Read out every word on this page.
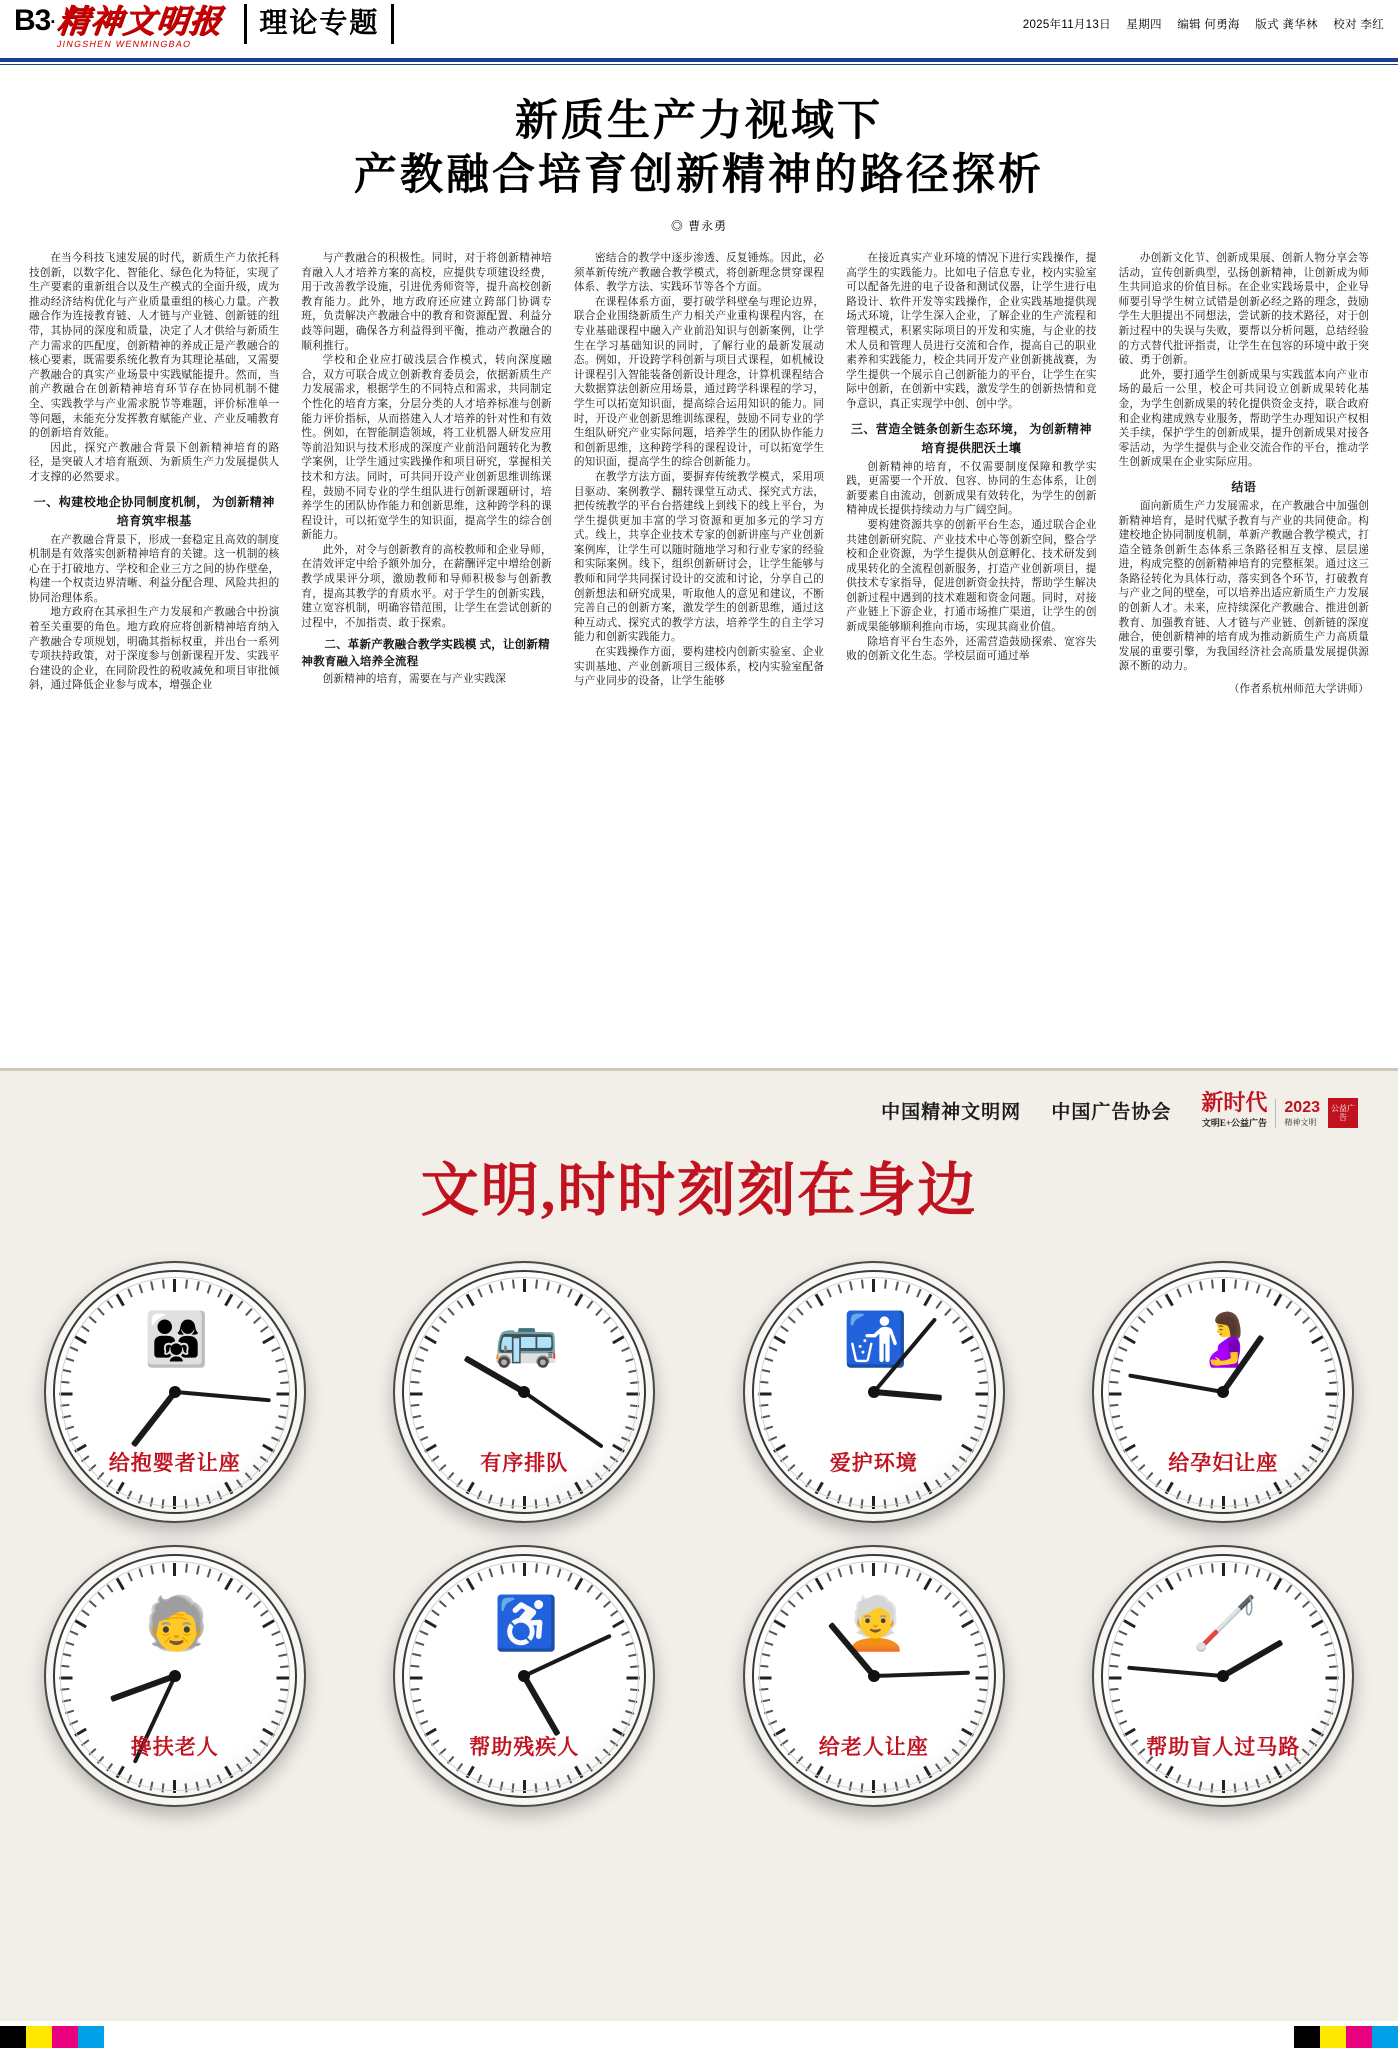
B3· 精神文明报
JINGSHEN WENMINGBAO
理论专题	2025年11月13日 星期四 编辑 何勇海 版式 龚华林 校对 李红
新质生产力视域下
产教融合培育创新精神的路径探析
◎ 曹永勇

在当今科技飞速发展的时代，新质生产力依托科技创新，以数字化、智能化、绿色化为特征，实现了生产要素的重新组合以及生产模式的全面升级，成为推动经济结构优化与产业质量重组的核心力量。产教融合作为连接教育链、人才链与产业链、创新链的纽带，其协同的深度和质量，决定了人才供给与新质生产力需求的匹配度，创新精神的养成正是产教融合的核心要素，既需要系统化教育为其理论基础，又需要产教融合的真实产业场景中实践赋能提升。然而，当前产教融合在创新精神培育环节存在协同机制不健全、实践教学与产业需求脱节等难题，评价标准单一等问题，未能充分发挥教育赋能产业、产业反哺教育的创新培育效能。

因此，探究产教融合背景下创新精神培育的路径，是突破人才培育瓶颈、为新质生产力发展提供人才支撑的必然要求。

一、构建校地企协同制度机制， 为创新精神培育筑牢根基

在产教融合背景下，形成一套稳定且高效的制度机制是有效落实创新精神培育的关键。这一机制的核心在于打破地方、学校和企业三方之间的协作壁垒，构建一个权责边界清晰、利益分配合理、风险共担的协同治理体系。

地方政府在其承担生产力发展和产教融合中扮演着至关重要的角色。地方政府应将创新精神培育纳入产教融合专项规划，明确其指标权重，并出台一系列专项扶持政策，对于深度参与创新课程开发、实践平台建设的企业，在同阶段性的税收减免和项目审批倾斜，通过降低企业参与成本，增强企业

与产教融合的积极性。同时，对于将创新精神培育融入人才培养方案的高校，应提供专项建设经费，用于改善教学设施，引进优秀师资等，提升高校创新教育能力。此外，地方政府还应建立跨部门协调专班，负责解决产教融合中的教育和资源配置、利益分歧等问题，确保各方利益得到平衡，推动产教融合的顺利推行。

学校和企业应打破浅层合作模式，转向深度融合，双方可联合成立创新教育委员会，依据新质生产力发展需求，根据学生的不同特点和需求，共同制定个性化的培育方案，分层分类的人才培养标准与创新能力评价指标，从而搭建入人才培养的针对性和有效性。例如，在智能制造领域，将工业机器人研发应用等前沿知识与技术形成的深度产业前沿问题转化为教学案例，让学生通过实践操作和项目研究，掌握相关技术和方法。同时，可共同开设产业创新思维训练课程，鼓励不同专业的学生组队进行创新课题研讨，培养学生的团队协作能力和创新思维，这种跨学科的课程设计，可以拓宽学生的知识面，提高学生的综合创新能力。

此外，对令与创新教育的高校教师和企业导师，在清效评定中给予额外加分，在薪酬评定中增给创新教学成果评分项，激励教师和导师积极参与创新教育，提高其教学的育质水平。对于学生的创新实践，建立宽容机制，明确容错范围，让学生在尝试创新的过程中，不加指责、敢于探索。

二、革新产教融合教学实践模 式，让创新精神教育融入培养全流程

创新精神的培育，需要在与产业实践深

密结合的教学中逐步渗透、反复锤炼。因此，必须革新传统产教融合教学模式，将创新理念贯穿课程体系、教学方法、实践环节等各个方面。

在课程体系方面，要打破学科壁垒与理论边界，联合企业围绕新质生产力相关产业重构课程内容，在专业基础课程中融入产业前沿知识与创新案例，让学生在学习基础知识的同时，了解行业的最新发展动态。例如，开设跨学科创新与项目式课程，如机械设计课程引入智能装备创新设计理念，计算机课程结合大数据算法创新应用场景，通过跨学科课程的学习，学生可以拓宽知识面，提高综合运用知识的能力。同时，开设产业创新思维训练课程，鼓励不同专业的学生组队研究产业实际问题，培养学生的团队协作能力和创新思维，这种跨学科的课程设计，可以拓宽学生的知识面，提高学生的综合创新能力。

在教学方法方面，要摒弃传统教学模式，采用项目驱动、案例教学、翻转课堂互动式、探究式方法，把传统教学的平台台搭建线上到线下的线上平台，为学生提供更加丰富的学习资源和更加多元的学习方式。线上，共享企业技术专家的创新讲座与产业创新案例库，让学生可以随时随地学习和行业专家的经验和实际案例。线下，组织创新研讨会，让学生能够与教师和同学共同探讨设计的交流和讨论，分享自己的创新想法和研究成果，听取他人的意见和建议，不断完善自己的创新方案，激发学生的创新思维，通过这种互动式、探究式的教学方法，培养学生的自主学习能力和创新实践能力。

在实践操作方面，要构建校内创新实验室、企业实训基地、产业创新项目三级体系，校内实验室配备与产业同步的设备，让学生能够

在接近真实产业环境的情况下进行实践操作，提高学生的实践能力。比如电子信息专业，校内实验室可以配备先进的电子设备和测试仪器，让学生进行电路设计、软件开发等实践操作，企业实践基地提供现场式环境，让学生深入企业，了解企业的生产流程和管理模式，积累实际项目的开发和实施，与企业的技术人员和管理人员进行交流和合作，提高自己的职业素养和实践能力，校企共同开发产业创新挑战赛，为学生提供一个展示自己创新能力的平台，让学生在实际中创新，在创新中实践，激发学生的创新热情和竞争意识，真正实现学中创、创中学。

三、营造全链条创新生态环境， 为创新精神培育提供肥沃土壤

创新精神的培育，不仅需要制度保障和教学实践，更需要一个开放、包容、协同的生态体系，让创新要素自由流动，创新成果有效转化，为学生的创新精神成长提供持续动力与广阔空间。

要构建资源共享的创新平台生态，通过联合企业共建创新研究院、产业技术中心等创新空间，整合学校和企业资源，为学生提供从创意孵化、技术研发到成果转化的全流程创新服务，打造产业创新项目，提供技术专家指导，促进创新资金扶持，帮助学生解决创新过程中遇到的技术难题和资金问题。同时，对接产业链上下游企业，打通市场推广渠道，让学生的创新成果能够顺利推向市场，实现其商业价值。

除培育平台生态外，还需营造鼓励探索、宽容失败的创新文化生态。学校层面可通过举

办创新文化节、创新成果展、创新人物分享会等活动，宣传创新典型，弘扬创新精神，让创新成为师生共同追求的价值目标。在企业实践场景中，企业导师要引导学生树立试错是创新必经之路的理念，鼓励学生大胆提出不同想法，尝试新的技术路径，对于创新过程中的失误与失败，要帮以分析问题，总结经验的方式替代批评指责，让学生在包容的环境中敢于突破、勇于创新。

此外，要打通学生创新成果与实践蓝本向产业市场的最后一公里，校企可共同设立创新成果转化基金，为学生创新成果的转化提供资金支持，联合政府和企业构建成熟专业服务，帮助学生办理知识产权相关手续，保护学生的创新成果，提升创新成果对接各零活动，为学生提供与企业交流合作的平台，推动学生创新成果在企业实际应用。

结语

面向新质生产力发展需求，在产教融合中加强创新精神培育，是时代赋予教育与产业的共同使命。构建校地企协同制度机制，革新产教融合教学模式，打造全链条创新生态体系三条路径相互支撑、层层递进，构成完整的创新精神培育的完整框架。通过这三条路径转化为具体行动，落实到各个环节，打破教育与产业之间的壁垒，可以培养出适应新质生产力发展的创新人才。未来，应持续深化产教融合、推进创新教育、加强教育链、人才链与产业链、创新链的深度融合，使创新精神的培育成为推动新质生产力高质量发展的重要引擎，为我国经济社会高质量发展提供源源不断的动力。

（作者系杭州师范大学讲师）

中国精神文明网 中国广告协会 新时代
文明E+公益广告
2023
精神文明
公益广告
文明,时时刻刻在身边
👨‍👩‍👧
给抱婴者让座
🚌
有序排队
🚮
爱护环境
🤰
给孕妇让座
🧓
搀扶老人
♿
帮助残疾人
🧑‍🦳
给老人让座
🦯
帮助盲人过马路
